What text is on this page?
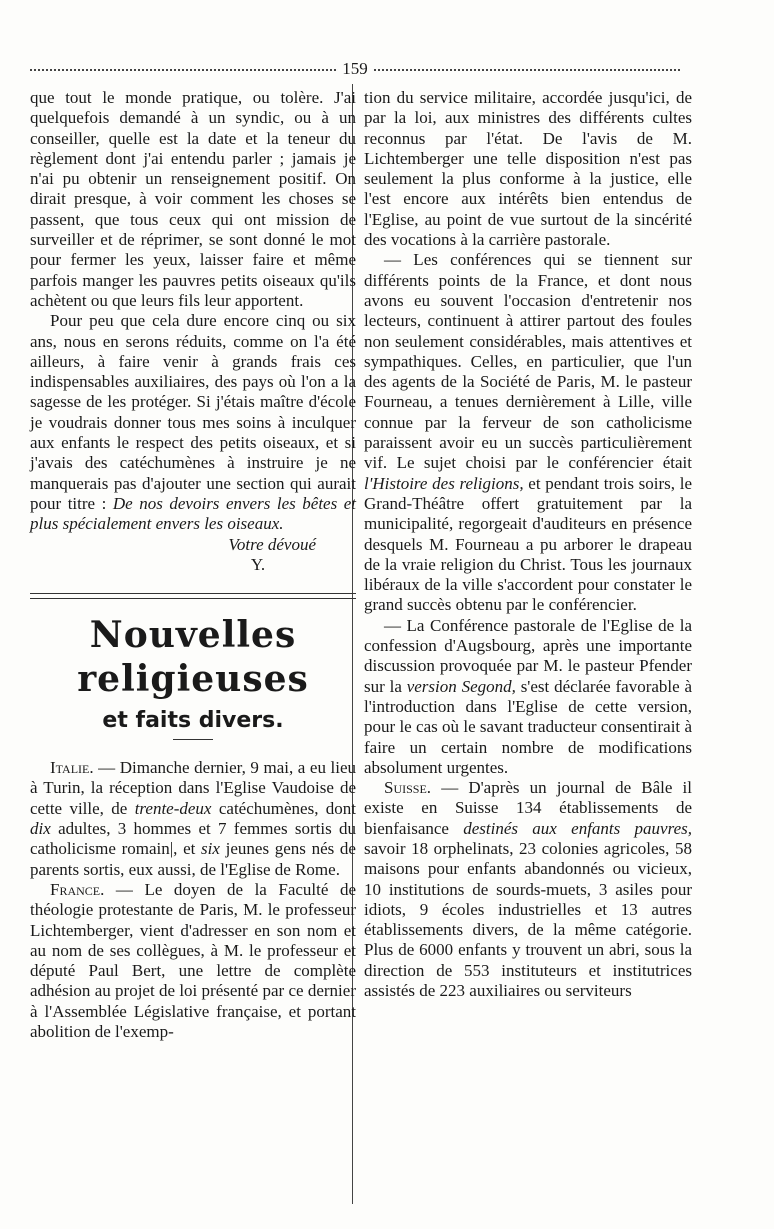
159

que tout le monde pratique, ou tolère. J'ai quelquefois demandé à un syndic, ou à un conseiller, quelle est la date et la teneur du règlement dont j'ai entendu parler ; jamais je n'ai pu obtenir un renseignement positif. On dirait presque, à voir comment les choses se passent, que tous ceux qui ont mission de surveiller et de réprimer, se sont donné le mot pour fermer les yeux, laisser faire et même parfois manger les pauvres petits oiseaux qu'ils achètent ou que leurs fils leur apportent.

Pour peu que cela dure encore cinq ou six ans, nous en serons réduits, comme on l'a été ailleurs, à faire venir à grands frais ces indispensables auxiliaires, des pays où l'on a la sagesse de les protéger. Si j'étais maître d'école je voudrais donner tous mes soins à inculquer aux enfants le respect des petits oiseaux, et si j'avais des catéchumènes à instruire je ne manquerais pas d'ajouter une section qui aurait pour titre : De nos devoirs envers les bêtes et plus spécialement envers les oiseaux.

Votre dévoué

Y.

Nouvelles religieuses
et faits divers.

Italie. — Dimanche dernier, 9 mai, a eu lieu à Turin, la réception dans l'Eglise Vaudoise de cette ville, de trente-deux catéchumènes, dont dix adultes, 3 hommes et 7 femmes sortis du catholicisme romain|, et six jeunes gens nés de parents sortis, eux aussi, de l'Eglise de Rome.

France. — Le doyen de la Faculté de théologie protestante de Paris, M. le professeur Lichtemberger, vient d'adresser en son nom et au nom de ses collègues, à M. le professeur et député Paul Bert, une lettre de complète adhésion au projet de loi présenté par ce dernier à l'Assemblée Législative française, et portant abolition de l'exemp-

tion du service militaire, accordée jusqu'ici, de par la loi, aux ministres des différents cultes reconnus par l'état. De l'avis de M. Lichtemberger une telle disposition n'est pas seulement la plus conforme à la justice, elle l'est encore aux intérêts bien entendus de l'Eglise, au point de vue surtout de la sincérité des vocations à la carrière pastorale.

— Les conférences qui se tiennent sur différents points de la France, et dont nous avons eu souvent l'occasion d'entretenir nos lecteurs, continuent à attirer partout des foules non seulement considérables, mais attentives et sympathiques. Celles, en particulier, que l'un des agents de la Société de Paris, M. le pasteur Fourneau, a tenues dernièrement à Lille, ville connue par la ferveur de son catholicisme paraissent avoir eu un succès particulièrement vif. Le sujet choisi par le conférencier était l'Histoire des religions, et pendant trois soirs, le Grand-Théâtre offert gratuitement par la municipalité, regorgeait d'auditeurs en présence desquels M. Fourneau a pu arborer le drapeau de la vraie religion du Christ. Tous les journaux libéraux de la ville s'accordent pour constater le grand succès obtenu par le conférencier.

— La Conférence pastorale de l'Eglise de la confession d'Augsbourg, après une importante discussion provoquée par M. le pasteur Pfender sur la version Segond, s'est déclarée favorable à l'introduction dans l'Eglise de cette version, pour le cas où le savant traducteur consentirait à faire un certain nombre de modifications absolument urgentes.

Suisse. — D'après un journal de Bâle il existe en Suisse 134 établissements de bienfaisance destinés aux enfants pauvres, savoir 18 orphelinats, 23 colonies agricoles, 58 maisons pour enfants abandonnés ou vicieux, 10 institutions de sourds-muets, 3 asiles pour idiots, 9 écoles industrielles et 13 autres établissements divers, de la même catégorie. Plus de 6000 enfants y trouvent un abri, sous la direction de 553 instituteurs et institutrices assistés de 223 auxiliaires ou serviteurs
